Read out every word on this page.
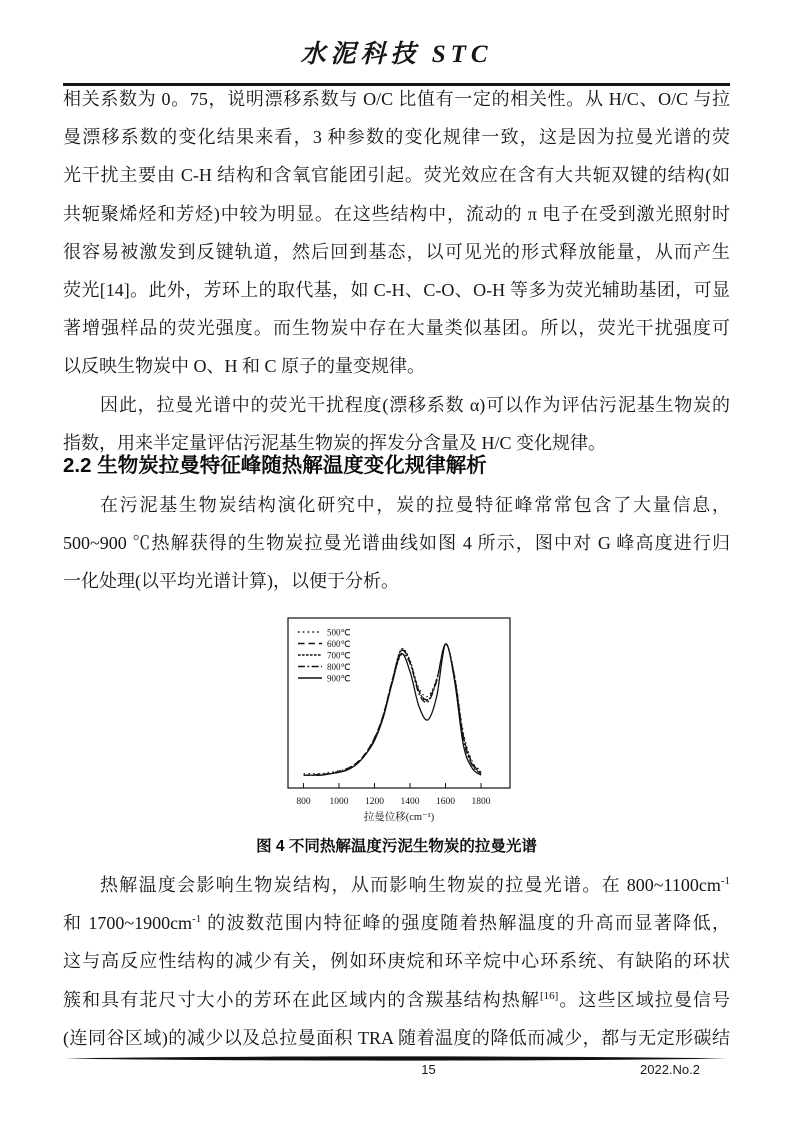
水泥科技 STC
相关系数为 0。75，说明漂移系数与 O/C 比值有一定的相关性。从 H/C、O/C 与拉
曼漂移系数的变化结果来看，3 种参数的变化规律一致，这是因为拉曼光谱的荧
光干扰主要由 C-H 结构和含氧官能团引起。荧光效应在含有大共轭双键的结构(如
共轭聚烯烃和芳烃)中较为明显。在这些结构中，流动的 π 电子在受到激光照射时
很容易被激发到反键轨道，然后回到基态，以可见光的形式释放能量，从而产生
荧光[14]。此外，芳环上的取代基，如 C-H、C-O、O-H 等多为荧光辅助基团，可显
著增强样品的荧光强度。而生物炭中存在大量类似基团。所以，荧光干扰强度可
以反映生物炭中 O、H 和 C 原子的量变规律。
因此，拉曼光谱中的荧光干扰程度(漂移系数 α)可以作为评估污泥基生物炭的
指数，用来半定量评估污泥基生物炭的挥发分含量及 H/C 变化规律。
2.2 生物炭拉曼特征峰随热解温度变化规律解析
在污泥基生物炭结构演化研究中，炭的拉曼特征峰常常包含了大量信息，
500~900 ℃热解获得的生物炭拉曼光谱曲线如图 4 所示，图中对 G 峰高度进行归
一化处理(以平均光谱计算)，以便于分析。
800 1000 1200 1400 1600 1800
拉曼位移(cm⁻¹)
500℃
600℃
700℃
800℃
900℃
图 4 不同热解温度污泥生物炭的拉曼光谱
热解温度会影响生物炭结构，从而影响生物炭的拉曼光谱。在 $800\sim 1100cm^{-1}$
和 $1700\sim 1900cm^{-1}$ 的波数范围内特征峰的强度随着热解温度的升高而显著降低，
这与高反应性结构的减少有关，例如环庚烷和环辛烷中心环系统、有缺陷的环状
簇和具有苝尺寸大小的芳环在此区域内的含羰基结构热解[16]。这些区域拉曼信号
(连同谷区域)的减少以及总拉曼面积 TRA 随着温度的降低而减少，都与无定形碳结
15	2022.No.2
